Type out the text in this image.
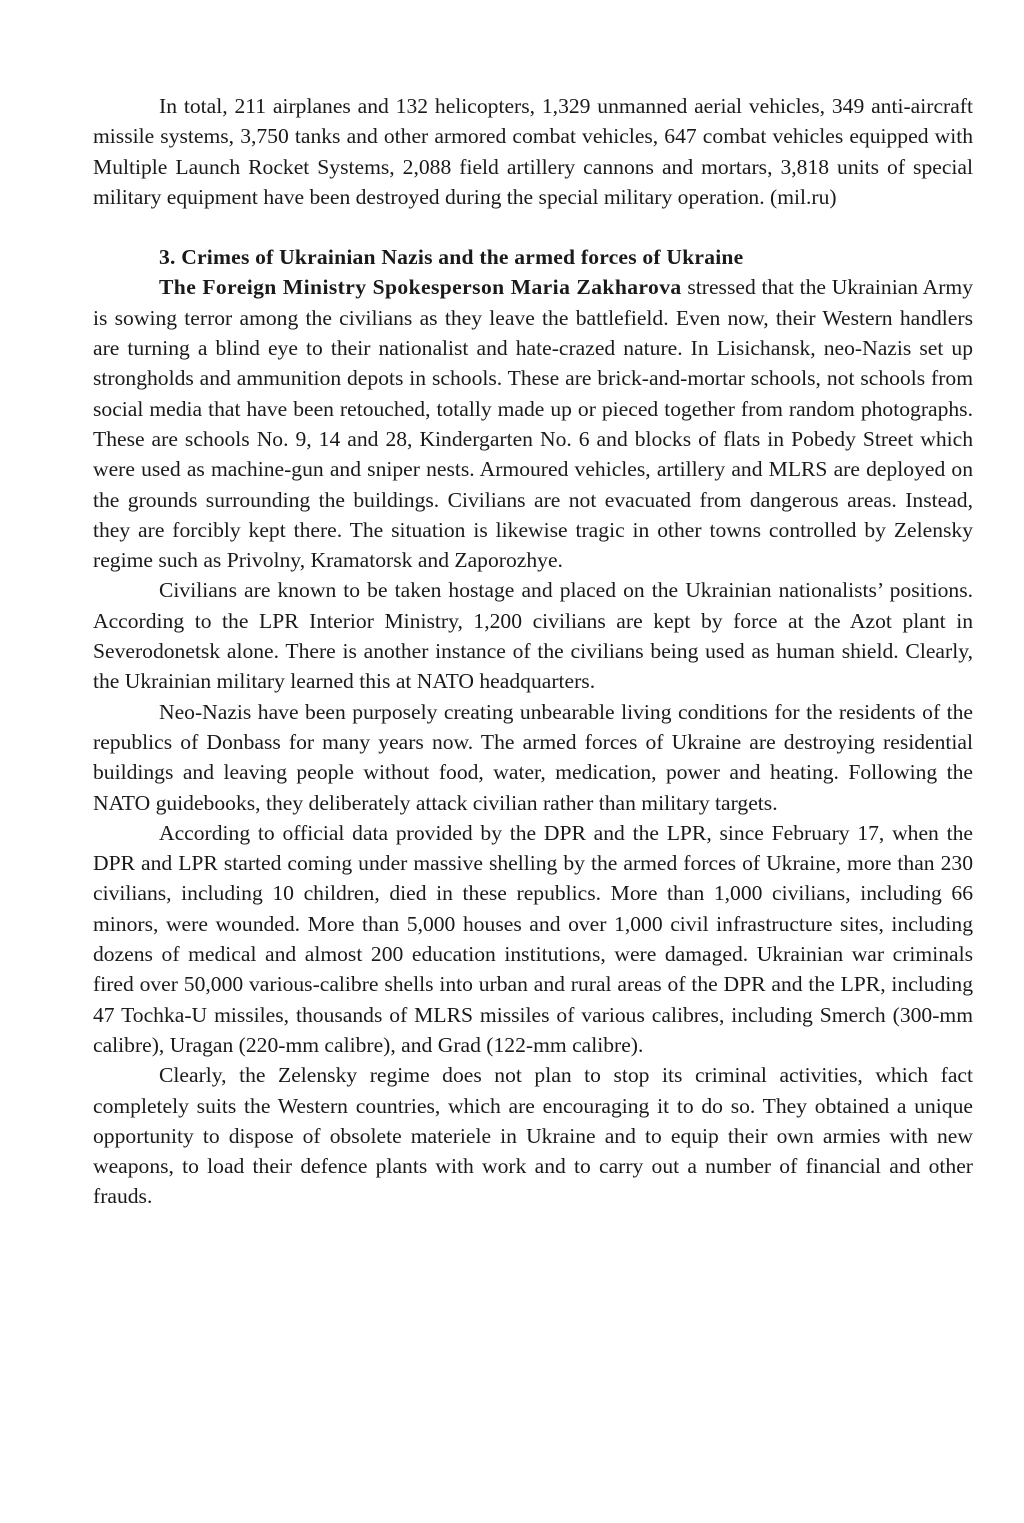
In total, 211 airplanes and 132 helicopters, 1,329 unmanned aerial vehicles, 349 anti-aircraft missile systems, 3,750 tanks and other armored combat vehicles, 647 combat vehicles equipped with Multiple Launch Rocket Systems, 2,088 field artillery cannons and mortars, 3,818 units of special military equipment have been destroyed during the special military operation. (mil.ru)

3. Crimes of Ukrainian Nazis and the armed forces of Ukraine

The Foreign Ministry Spokesperson Maria Zakharova stressed that the Ukrainian Army is sowing terror among the civilians as they leave the battlefield. Even now, their Western handlers are turning a blind eye to their nationalist and hate-crazed nature. In Lisichansk, neo-Nazis set up strongholds and ammunition depots in schools. These are brick-and-mortar schools, not schools from social media that have been retouched, totally made up or pieced together from random photographs. These are schools No. 9, 14 and 28, Kindergarten No. 6 and blocks of flats in Pobedy Street which were used as machine-gun and sniper nests. Armoured vehicles, artillery and MLRS are deployed on the grounds surrounding the buildings. Civilians are not evacuated from dangerous areas. Instead, they are forcibly kept there. The situation is likewise tragic in other towns controlled by Zelensky regime such as Privolny, Kramatorsk and Zaporozhye.

Civilians are known to be taken hostage and placed on the Ukrainian nationalists’ positions. According to the LPR Interior Ministry, 1,200 civilians are kept by force at the Azot plant in Severodonetsk alone. There is another instance of the civilians being used as human shield. Clearly, the Ukrainian military learned this at NATO headquarters.

Neo-Nazis have been purposely creating unbearable living conditions for the residents of the republics of Donbass for many years now. The armed forces of Ukraine are destroying residential buildings and leaving people without food, water, medication, power and heating. Following the NATO guidebooks, they deliberately attack civilian rather than military targets.

According to official data provided by the DPR and the LPR, since February 17, when the DPR and LPR started coming under massive shelling by the armed forces of Ukraine, more than 230 civilians, including 10 children, died in these republics. More than 1,000 civilians, including 66 minors, were wounded. More than 5,000 houses and over 1,000 civil infrastructure sites, including dozens of medical and almost 200 education institutions, were damaged. Ukrainian war criminals fired over 50,000 various-calibre shells into urban and rural areas of the DPR and the LPR, including 47 Tochka-U missiles, thousands of MLRS missiles of various calibres, including Smerch (300-mm calibre), Uragan (220-mm calibre), and Grad (122-mm calibre).

Clearly, the Zelensky regime does not plan to stop its criminal activities, which fact completely suits the Western countries, which are encouraging it to do so. They obtained a unique opportunity to dispose of obsolete materiele in Ukraine and to equip their own armies with new weapons, to load their defence plants with work and to carry out a number of financial and other frauds.
